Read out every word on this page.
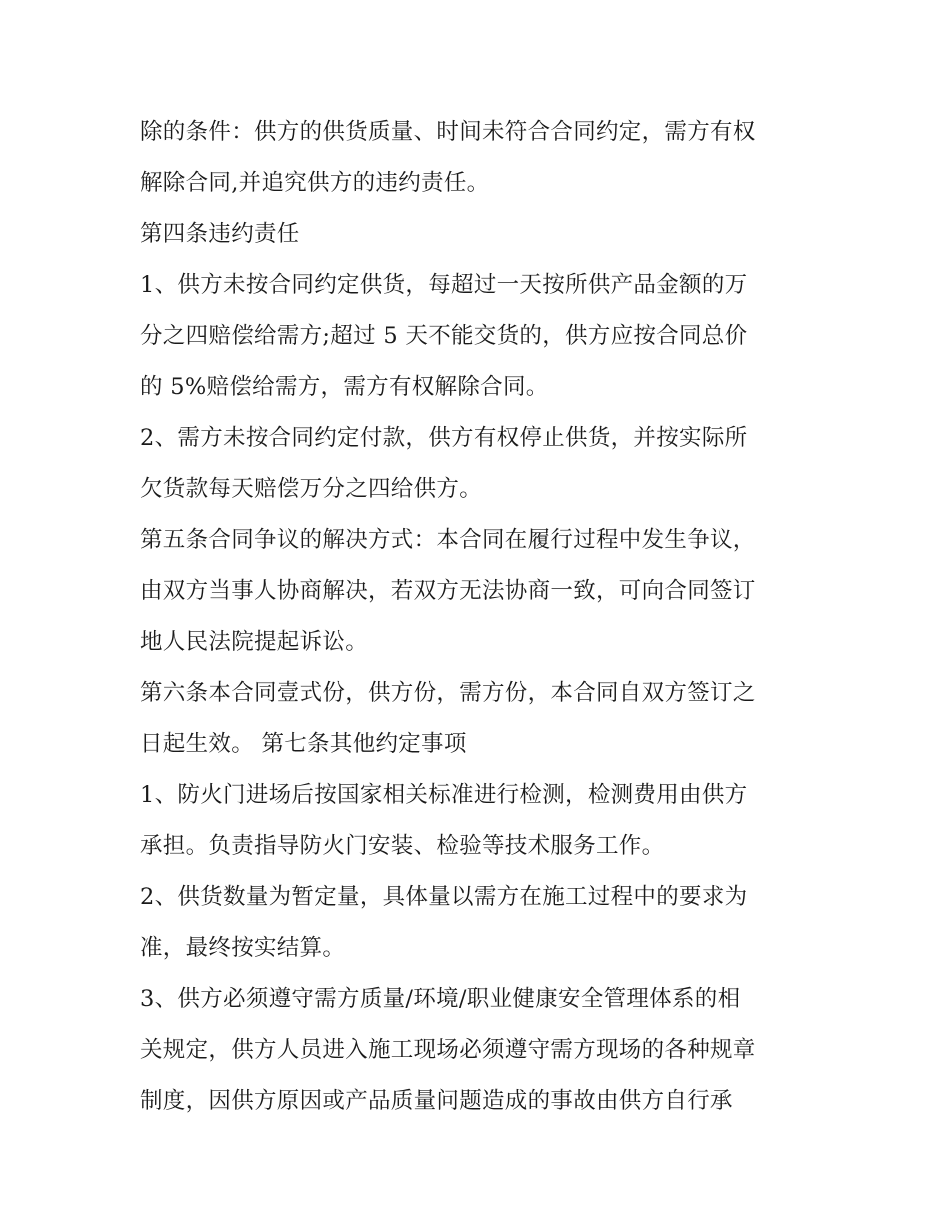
除的条件：供方的供货质量、时间未符合合同约定，需方有权
解除合同,并追究供方的违约责任。
第四条违约责任
1、供方未按合同约定供货，每超过一天按所供产品金额的万
分之四赔偿给需方;超过 5 天不能交货的，供方应按合同总价
的 5%赔偿给需方，需方有权解除合同。
2、需方未按合同约定付款，供方有权停止供货，并按实际所
欠货款每天赔偿万分之四给供方。
第五条合同争议的解决方式：本合同在履行过程中发生争议，
由双方当事人协商解决，若双方无法协商一致，可向合同签订
地人民法院提起诉讼。
第六条本合同壹式份，供方份，需方份，本合同自双方签订之
日起生效。 第七条其他约定事项
1、防火门进场后按国家相关标准进行检测，检测费用由供方
承担。负责指导防火门安装、检验等技术服务工作。
2、供货数量为暂定量，具体量以需方在施工过程中的要求为
准，最终按实结算。
3、供方必须遵守需方质量/环境/职业健康安全管理体系的相
关规定，供方人员进入施工现场必须遵守需方现场的各种规章
制度，因供方原因或产品质量问题造成的事故由供方自行承
